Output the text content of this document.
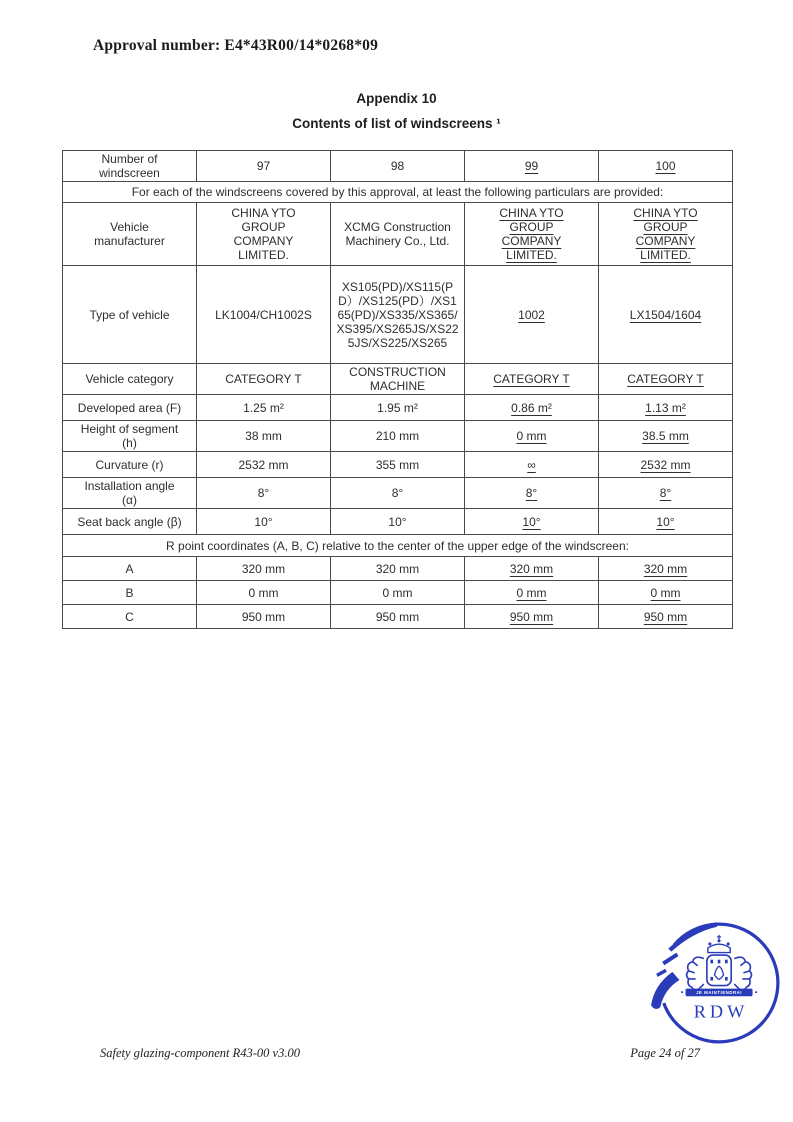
Approval number: E4*43R00/14*0268*09
Appendix 10
Contents of list of windscreens ¹
Number of windscreen	97	98	99	100
For each of the windscreens covered by this approval, at least the following particulars are provided:				
Vehicle manufacturer	CHINA YTO GROUP COMPANY LIMITED.	XCMG Construction Machinery Co., Ltd.	CHINA YTO GROUP COMPANY LIMITED.	CHINA YTO GROUP COMPANY LIMITED.
Type of vehicle	LK1004/CH1002S	XS105(PD)/XS115(PD）/XS125(PD）/XS165(PD)/XS335/XS365/XS395/XS265JS/XS225JS/XS225/XS265	1002	LX1504/1604
Vehicle category	CATEGORY T	CONSTRUCTION MACHINE	CATEGORY T	CATEGORY T
Developed area (F)	1.25 m²	1.95 m²	0.86 m²	1.13 m²
Height of segment (h)	38 mm	210 mm	0 mm	38.5 mm
Curvature (r)	2532 mm	355 mm	∞	2532 mm
Installation angle (α)	8°	8°	8°	8°
Seat back angle (β)	10°	10°	10°	10°
R point coordinates (A, B, C) relative to the center of the upper edge of the windscreen:				
A	320 mm	320 mm	320 mm	320 mm
B	0 mm	0 mm	0 mm	0 mm
C	950 mm	950 mm	950 mm	950 mm
JE MAINTIENDRAI
RDW
Safety glazing-component R43-00 v3.00	Page 24 of 27
